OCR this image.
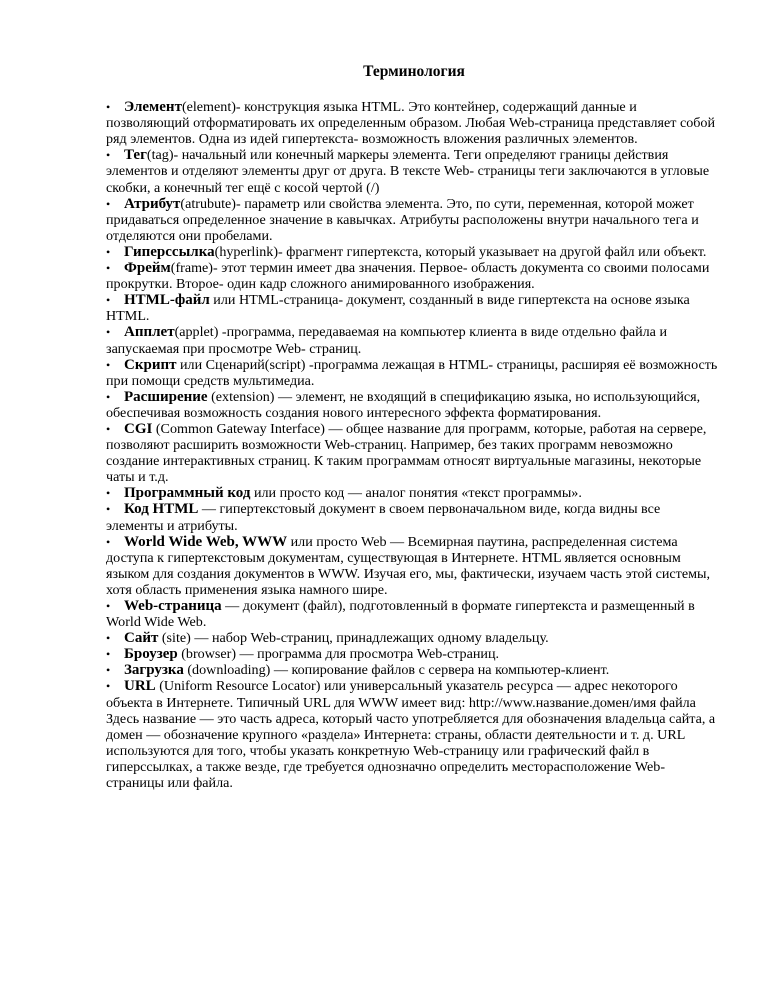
Терминология

• Элемент(element)- конструкция языка HTML. Это контейнер, содержащий данные и позволяющий отформатировать их определенным образом. Любая Web-страница представляет собой ряд элементов. Одна из идей гипертекста- возможность вложения различных элементов.

• Тег(tag)- начальный или конечный маркеры элемента. Теги определяют границы действия элементов и отделяют элементы друг от друга. В тексте Web- страницы теги заключаются в угловые скобки, а конечный тег ещё с косой чертой (/)

• Атрибут(atrubute)- параметр или свойства элемента. Это, по сути, переменная, которой может придаваться определенное значение в кавычках. Атрибуты расположены внутри начального тега и отделяются они пробелами.

• Гиперссылка(hyperlink)- фрагмент гипертекста, который указывает на другой файл или объект.

• Фрейм(frame)- этот термин имеет два значения. Первое- область документа со своими полосами прокрутки. Второе- один кадр сложного анимированного изображения.

• HTML-файл или HTML-страница- документ, созданный в виде гипертекста на основе языка HTML.

• Апплет(applet) -программа, передаваемая на компьютер клиента в виде отдельно файла и запускаемая при просмотре Web- страниц.

• Скрипт или Сценарий(script) -программа лежащая в HTML- страницы, расширяя её возможность при помощи средств мультимедиа.

• Расширение (extension) — элемент, не входящий в спецификацию языка, но использующийся, обеспечивая возможность создания нового интересного эффекта форматирования.

• CGI (Common Gateway Interface) — общее название для программ, которые, работая на сервере, позволяют расширить возможности Web-страниц. Например, без таких программ невозможно создание интерактивных страниц. К таким программам относят виртуальные магазины, некоторые чаты и т.д.

• Программный код или просто код — аналог понятия «текст программы».

• Код HTML — гипертекстовый документ в своем первоначальном виде, когда видны все элементы и атрибуты.

• World Wide Web, WWW или просто Web — Всемирная паутина, распределенная система доступа к гипертекстовым документам, существующая в Интернете. HTML является основным языком для создания документов в WWW. Изучая его, мы, фактически, изучаем часть этой системы, хотя область применения языка намного шире.

• Web-страница — документ (файл), подготовленный в формате гипертекста и размещенный в World Wide Web.

• Сайт (site) — набор Web-страниц, принадлежащих одному владельцу.

• Броузер (browser) — программа для просмотра Web-страниц.

• Загрузка (downloading) — копирование файлов с сервера на компьютер-клиент.

• URL (Uniform Resource Locator) или универсальный указатель ресурса — адрес некоторого объекта в Интернете. Типичный URL для WWW имеет вид: http://www.название.домен/имя файла Здесь название — это часть адреса, который часто употребляется для обозначения владельца сайта, а домен — обозначение крупного «раздела» Интернета: страны, области деятельности и т. д. URL используются для того, чтобы указать конкретную Web-страницу или графический файл в гиперссылках, а также везде, где требуется однозначно определить месторасположение Web-страницы или файла.
